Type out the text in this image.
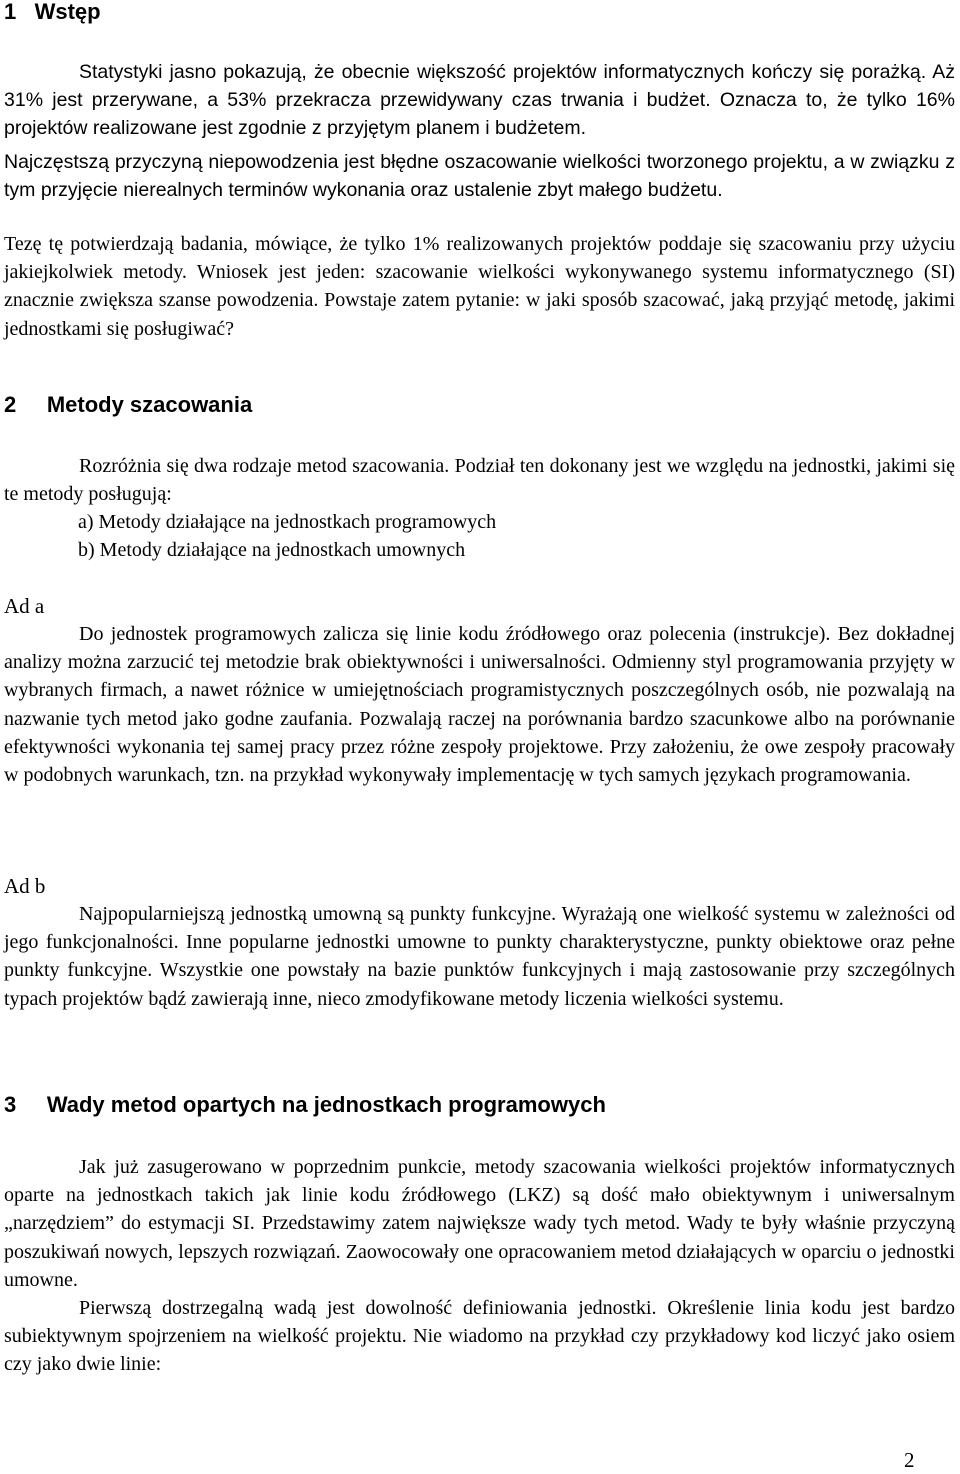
1 Wstęp

Statystyki jasno pokazują, że obecnie większość projektów informatycznych kończy się porażką. Aż 31% jest przerywane, a 53% przekracza przewidywany czas trwania i budżet. Oznacza to, że tylko 16% projektów realizowane jest zgodnie z przyjętym planem i budżetem.

Najczęstszą przyczyną niepowodzenia jest błędne oszacowanie wielkości tworzonego projektu, a w związku z tym przyjęcie nierealnych terminów wykonania oraz ustalenie zbyt małego budżetu.

Tezę tę potwierdzają badania, mówiące, że tylko 1% realizowanych projektów poddaje się szacowaniu przy użyciu jakiejkolwiek metody. Wniosek jest jeden: szacowanie wielkości wykonywanego systemu informatycznego (SI) znacznie zwiększa szanse powodzenia. Powstaje zatem pytanie: w jaki sposób szacować, jaką przyjąć metodę, jakimi jednostkami się posługiwać?

2 Metody szacowania

Rozróżnia się dwa rodzaje metod szacowania. Podział ten dokonany jest we względu na jednostki, jakimi się te metody posługują:

a) Metody działające na jednostkach programowych
b) Metody działające na jednostkach umownych

Ad a

Do jednostek programowych zalicza się linie kodu źródłowego oraz polecenia (instrukcje). Bez dokładnej analizy można zarzucić tej metodzie brak obiektywności i uniwersalności. Odmienny styl programowania przyjęty w wybranych firmach, a nawet różnice w umiejętnościach programistycznych poszczególnych osób, nie pozwalają na nazwanie tych metod jako godne zaufania. Pozwalają raczej na porównania bardzo szacunkowe albo na porównanie efektywności wykonania tej samej pracy przez różne zespoły projektowe. Przy założeniu, że owe zespoły pracowały w podobnych warunkach, tzn. na przykład wykonywały implementację w tych samych językach programowania.

Ad b

Najpopularniejszą jednostką umowną są punkty funkcyjne. Wyrażają one wielkość systemu w zależności od jego funkcjonalności. Inne popularne jednostki umowne to punkty charakterystyczne, punkty obiektowe oraz pełne punkty funkcyjne. Wszystkie one powstały na bazie punktów funkcyjnych i mają zastosowanie przy szczególnych typach projektów bądź zawierają inne, nieco zmodyfikowane metody liczenia wielkości systemu.

3 Wady metod opartych na jednostkach programowych

Jak już zasugerowano w poprzednim punkcie, metody szacowania wielkości projektów informatycznych oparte na jednostkach takich jak linie kodu źródłowego (LKZ) są dość mało obiektywnym i uniwersalnym „narzędziem” do estymacji SI. Przedstawimy zatem największe wady tych metod. Wady te były właśnie przyczyną poszukiwań nowych, lepszych rozwiązań. Zaowocowały one opracowaniem metod działających w oparciu o jednostki umowne.

Pierwszą dostrzegalną wadą jest dowolność definiowania jednostki. Określenie linia kodu jest bardzo subiektywnym spojrzeniem na wielkość projektu. Nie wiadomo na przykład czy przykładowy kod liczyć jako osiem czy jako dwie linie:

2
